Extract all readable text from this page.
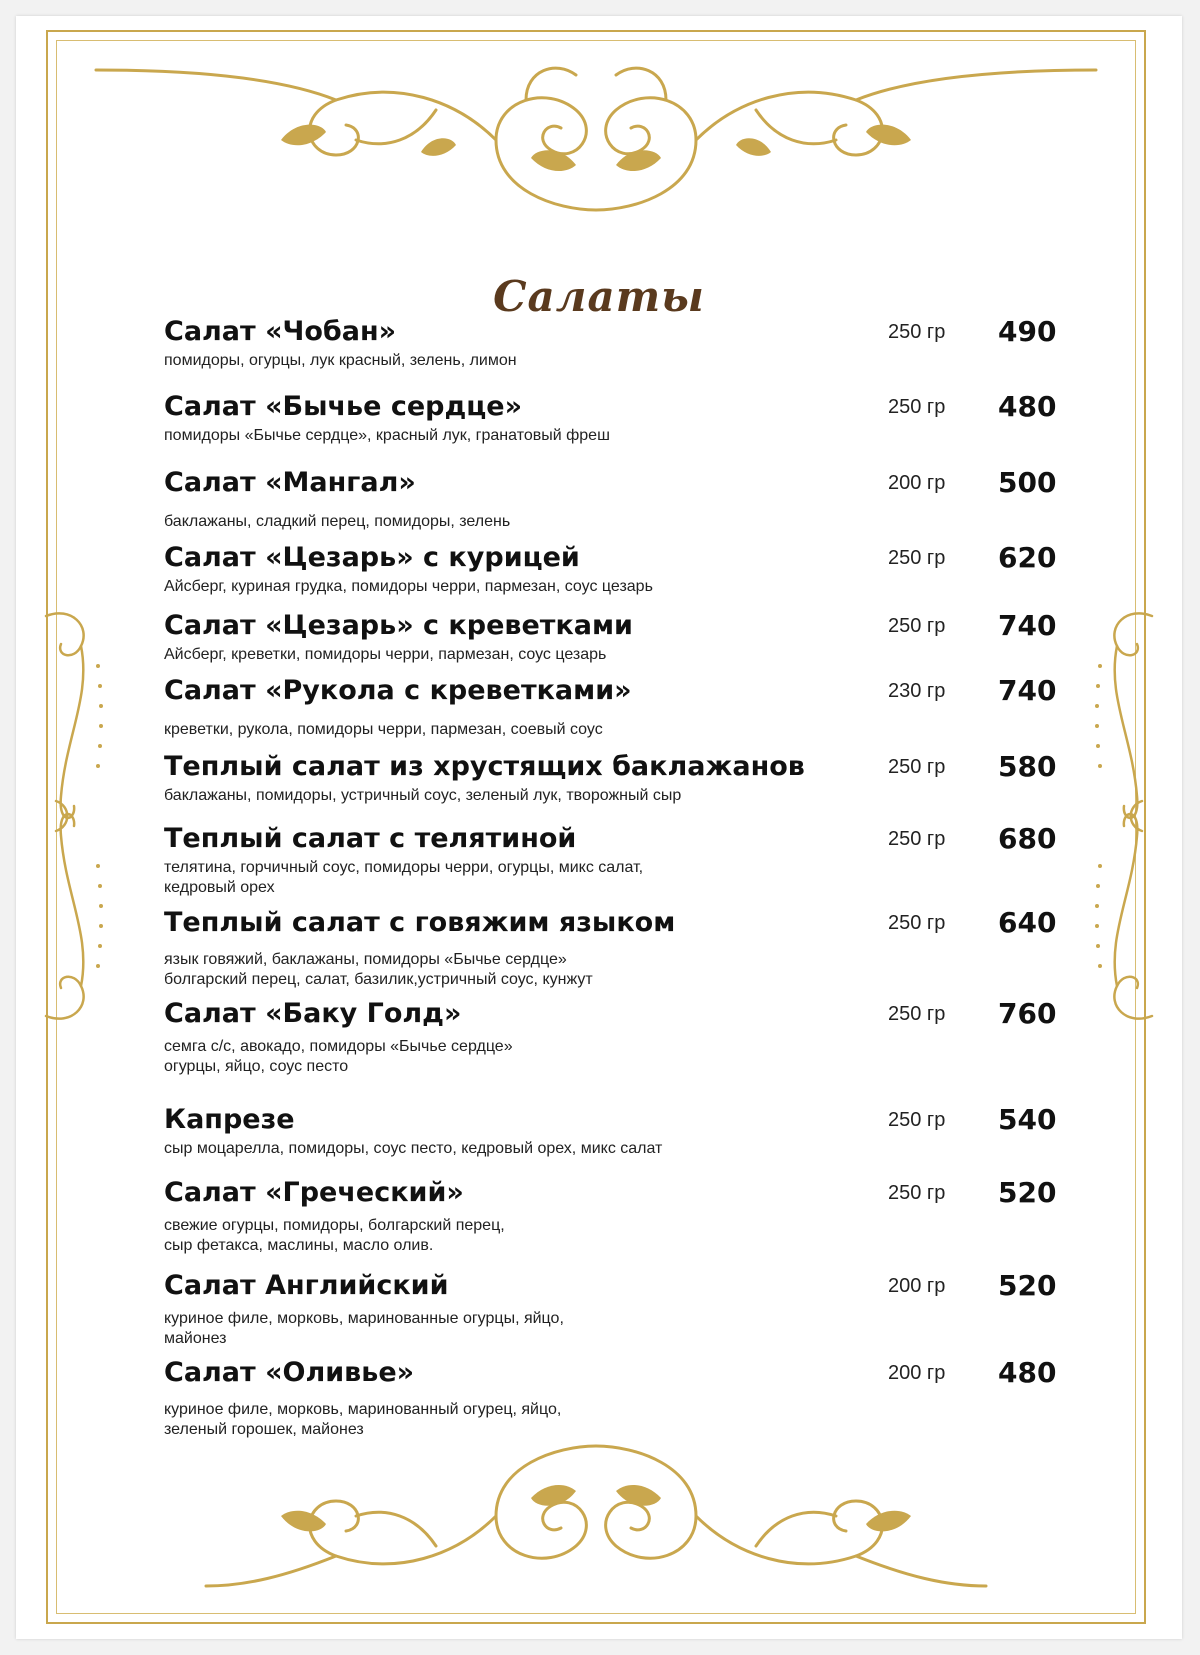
Салаты
Салат «Чобан»
помидоры, огурцы, лук красный, зелень, лимон
250 гр 490
Салат «Бычье сердце»
помидоры «Бычье сердце», красный лук, гранатовый фреш
250 гр 480
Салат «Мангал»
баклажаны, сладкий перец, помидоры, зелень
200 гр 500
Салат «Цезарь» с курицей
Айсберг, куриная грудка, помидоры черри, пармезан, соус цезарь
250 гр 620
Салат «Цезарь» с креветками
Айсберг, креветки, помидоры черри, пармезан, соус цезарь
250 гр 740
Салат «Рукола с креветками»
креветки, рукола, помидоры черри, пармезан, соевый соус
230 гр 740
Теплый салат из хрустящих баклажанов
баклажаны, помидоры, устричный соус, зеленый лук, творожный сыр
250 гр 580
Теплый салат с телятиной
телятина, горчичный соус, помидоры черри, огурцы, микс салат,
кедровый орех
250 гр 680
Теплый салат с говяжим языком
язык говяжий, баклажаны, помидоры «Бычье сердце»
болгарский перец, салат, базилик,устричный соус, кунжут
250 гр 640
Салат «Баку Голд»
семга с/с, авокадо, помидоры «Бычье сердце»
огурцы, яйцо, соус песто
250 гр 760
Капрезе
сыр моцарелла, помидоры, соус песто, кедровый орех, микс салат
250 гр 540
Салат «Греческий»
свежие огурцы, помидоры, болгарский перец,
сыр фетакса, маслины, масло олив.
250 гр 520
Салат Английский
куриное филе, морковь, маринованные огурцы, яйцо,
майонез
200 гр 520
Салат «Оливье»
куриное филе, морковь, маринованный огурец, яйцо,
зеленый горошек, майонез
200 гр 480
